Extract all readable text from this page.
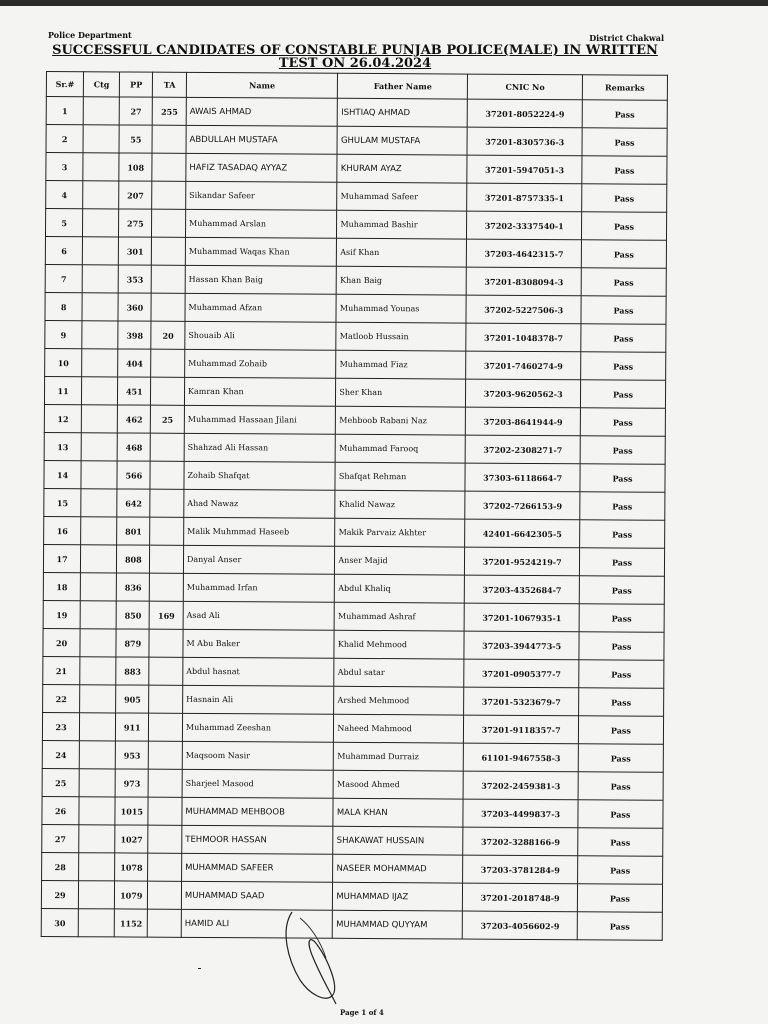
Police Department	District Chakwal
SUCCESSFUL CANDIDATES OF CONSTABLE PUNJAB POLICE(MALE) IN WRITTEN
TEST ON 26.04.2024
Sr.#	Ctg	PP	TA	Name	Father Name	CNIC No	Remarks
1		27	255	AWAIS AHMAD	ISHTIAQ AHMAD	37201-8052224-9	Pass
2		55		ABDULLAH MUSTAFA	GHULAM MUSTAFA	37201-8305736-3	Pass
3		108		HAFIZ TASADAQ AYYAZ	KHURAM AYAZ	37201-5947051-3	Pass
4		207		Sikandar Safeer	Muhammad Safeer	37201-8757335-1	Pass
5		275		Muhammad Arslan	Muhammad Bashir	37202-3337540-1	Pass
6		301		Muhammad Waqas Khan	Asif Khan	37203-4642315-7	Pass
7		353		Hassan Khan Baig	Khan Baig	37201-8308094-3	Pass
8		360		Muhammad Afzan	Muhammad Younas	37202-5227506-3	Pass
9		398	20	Shouaib Ali	Matloob Hussain	37201-1048378-7	Pass
10		404		Muhammad Zohaib	Muhammad Fiaz	37201-7460274-9	Pass
11		451		Kamran Khan	Sher Khan	37203-9620562-3	Pass
12		462	25	Muhammad Hassaan Jilani	Mehboob Rabani Naz	37203-8641944-9	Pass
13		468		Shahzad Ali Hassan	Muhammad Farooq	37202-2308271-7	Pass
14		566		Zohaib Shafqat	Shafqat Rehman	37303-6118664-7	Pass
15		642		Ahad Nawaz	Khalid Nawaz	37202-7266153-9	Pass
16		801		Malik Muhmmad Haseeb	Makik Parvaiz Akhter	42401-6642305-5	Pass
17		808		Danyal Anser	Anser Majid	37201-9524219-7	Pass
18		836		Muhammad Irfan	Abdul Khaliq	37203-4352684-7	Pass
19		850	169	Asad Ali	Muhammad Ashraf	37201-1067935-1	Pass
20		879		M Abu Baker	Khalid Mehmood	37203-3944773-5	Pass
21		883		Abdul hasnat	Abdul satar	37201-0905377-7	Pass
22		905		Hasnain Ali	Arshed Mehmood	37201-5323679-7	Pass
23		911		Muhammad Zeeshan	Naheed Mahmood	37201-9118357-7	Pass
24		953		Maqsoom Nasir	Muhammad Durraiz	61101-9467558-3	Pass
25		973		Sharjeel Masood	Masood Ahmed	37202-2459381-3	Pass
26		1015		MUHAMMAD MEHBOOB	MALA KHAN	37203-4499837-3	Pass
27		1027		TEHMOOR HASSAN	SHAKAWAT HUSSAIN	37202-3288166-9	Pass
28		1078		MUHAMMAD SAFEER	NASEER MOHAMMAD	37203-3781284-9	Pass
29		1079		MUHAMMAD SAAD	MUHAMMAD IJAZ	37201-2018748-9	Pass
30		1152		HAMID ALI	MUHAMMAD QUYYAM	37203-4056602-9	Pass
Page 1 of 4
